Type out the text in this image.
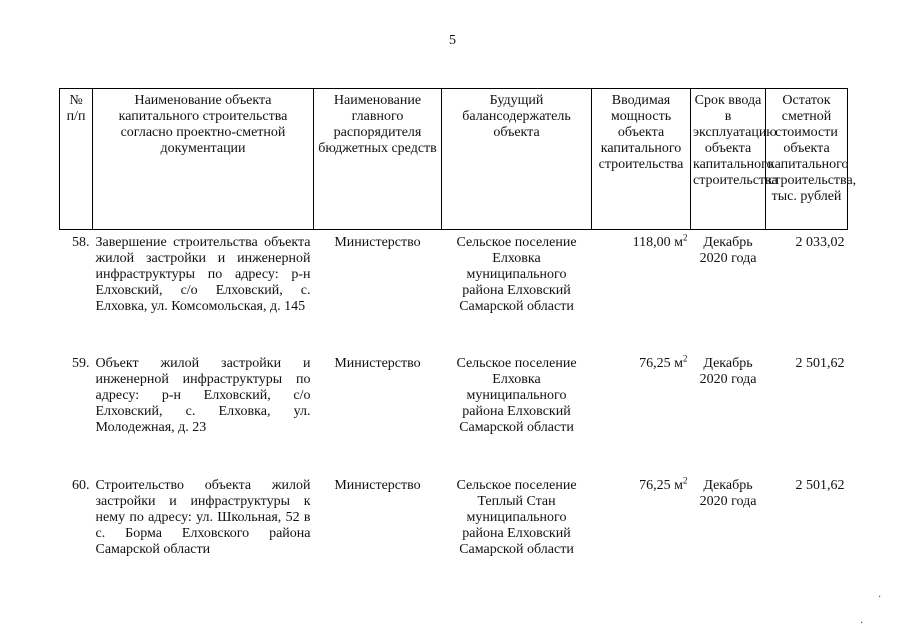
5
№ п/п	Наименование объекта капитального строительства согласно проектно-сметной документации	Наименование главного распорядителя бюджетных средств	Будущий балансодержатель объекта	Вводимая мощность объекта капитального строительства	Срок ввода в эксплуатацию объекта капитального строительства	Остаток сметной стоимости объекта капитального строительства, тыс. рублей
58.	Завершение строительства объекта жилой застройки и инженерной инфраструктуры по адресу: р-н Елховский, с/о Елховский, с. Елховка, ул. Комсомольская, д. 145	Министерство	Сельское поселение Елховка муниципального района Елховский Самарской области	118,00 $м^2$	Декабрь 2020 года	2 033,02
59.	Объект жилой застройки и инженерной инфраструктуры по адресу: р-н Елховский, с/о Елховский, с. Елховка, ул. Молодежная, д. 23	Министерство	Сельское поселение Елховка муниципального района Елховский Самарской области	76,25 $м^2$	Декабрь 2020 года	2 501,62
60.	Строительство объекта жилой застройки и инфраструктуры к нему по адресу: ул. Школьная, 52 в с. Борма Елховского района Самарской области	Министерство	Сельское поселение Теплый Стан муниципального района Елховский Самарской области	76,25 $м^2$	Декабрь 2020 года	2 501,62
·
·
